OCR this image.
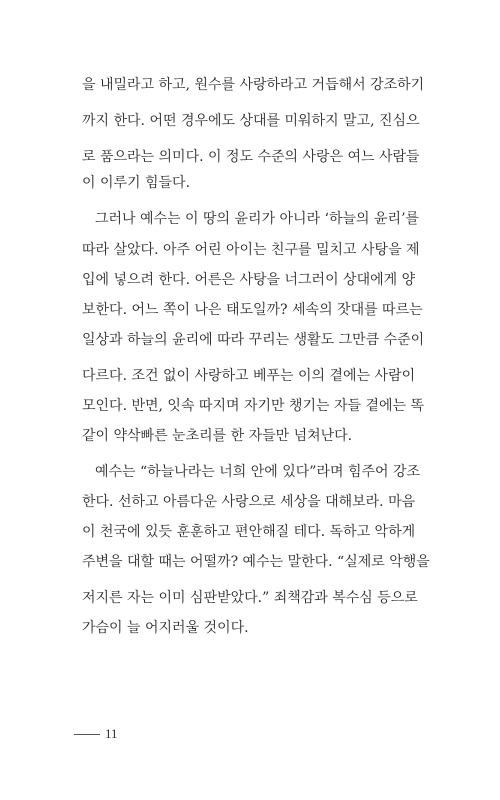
을 내밀라고 하고, 원수를 사랑하라고 거듭해서 강조하기
까지 한다. 어떤 경우에도 상대를 미워하지 말고, 진심으
로 품으라는 의미다. 이 정도 수준의 사랑은 여느 사람들
이 이루기 힘들다.
그러나 예수는 이 땅의 윤리가 아니라 ‘하늘의 윤리’를
따라 살았다. 아주 어린 아이는 친구를 밀치고 사탕을 제
입에 넣으려 한다. 어른은 사탕을 너그러이 상대에게 양
보한다. 어느 쪽이 나은 태도일까? 세속의 잣대를 따르는
일상과 하늘의 윤리에 따라 꾸리는 생활도 그만큼 수준이
다르다. 조건 없이 사랑하고 베푸는 이의 곁에는 사람이
모인다. 반면, 잇속 따지며 자기만 챙기는 자들 곁에는 똑
같이 약삭빠른 눈초리를 한 자들만 넘쳐난다.
예수는 “하늘나라는 너희 안에 있다”라며 힘주어 강조
한다. 선하고 아름다운 사랑으로 세상을 대해보라. 마음
이 천국에 있듯 훈훈하고 편안해질 테다. 독하고 악하게
주변을 대할 때는 어떨까? 예수는 말한다. “실제로 악행을
저지른 자는 이미 심판받았다.” 죄책감과 복수심 등으로
가슴이 늘 어지러울 것이다.
11
